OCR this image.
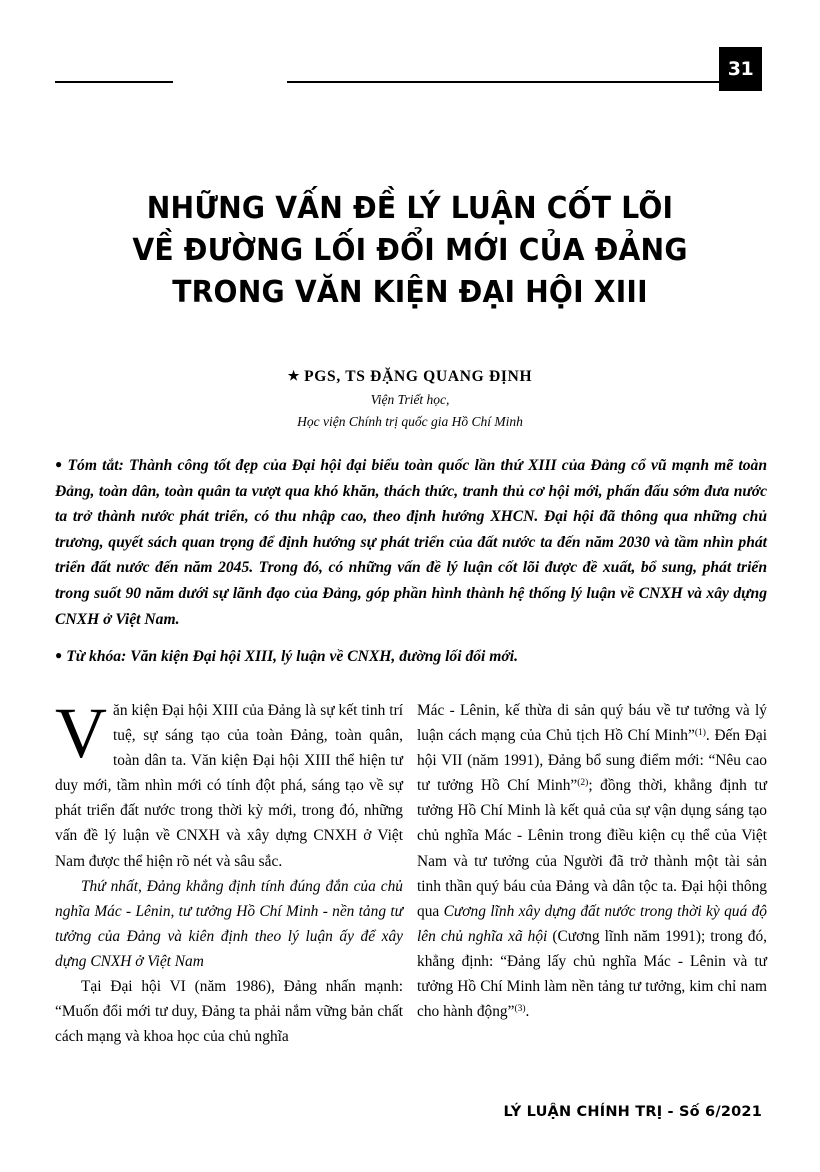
31
NHỮNG VẤN ĐỀ LÝ LUẬN CỐT LÕI
VỀ ĐƯỜNG LỐI ĐỔI MỚI CỦA ĐẢNG
TRONG VĂN KIỆN ĐẠI HỘI XIII
★ PGS, TS ĐẶNG QUANG ĐỊNH
Viện Triết học,
Học viện Chính trị quốc gia Hồ Chí Minh
● Tóm tắt: Thành công tốt đẹp của Đại hội đại biểu toàn quốc lần thứ XIII của Đảng cổ vũ mạnh mẽ toàn Đảng, toàn dân, toàn quân ta vượt qua khó khăn, thách thức, tranh thủ cơ hội mới, phấn đấu sớm đưa nước ta trở thành nước phát triển, có thu nhập cao, theo định hướng XHCN. Đại hội đã thông qua những chủ trương, quyết sách quan trọng để định hướng sự phát triển của đất nước ta đến năm 2030 và tầm nhìn phát triển đất nước đến năm 2045. Trong đó, có những vấn đề lý luận cốt lõi được đề xuất, bổ sung, phát triển trong suốt 90 năm dưới sự lãnh đạo của Đảng, góp phần hình thành hệ thống lý luận về CNXH và xây dựng CNXH ở Việt Nam.
● Từ khóa: Văn kiện Đại hội XIII, lý luận về CNXH, đường lối đổi mới.

Văn kiện Đại hội XIII của Đảng là sự kết tinh trí tuệ, sự sáng tạo của toàn Đảng, toàn quân, toàn dân ta. Văn kiện Đại hội XIII thể hiện tư duy mới, tầm nhìn mới có tính đột phá, sáng tạo về sự phát triển đất nước trong thời kỳ mới, trong đó, những vấn đề lý luận về CNXH và xây dựng CNXH ở Việt Nam được thể hiện rõ nét và sâu sắc.

Thứ nhất, Đảng khẳng định tính đúng đắn của chủ nghĩa Mác - Lênin, tư tưởng Hồ Chí Minh - nền tảng tư tưởng của Đảng và kiên định theo lý luận ấy để xây dựng CNXH ở Việt Nam

Tại Đại hội VI (năm 1986), Đảng nhấn mạnh: “Muốn đổi mới tư duy, Đảng ta phải nắm vững bản chất cách mạng và khoa học của chủ nghĩa

Mác - Lênin, kế thừa di sản quý báu về tư tưởng và lý luận cách mạng của Chủ tịch Hồ Chí Minh”$^{(1)}$. Đến Đại hội VII (năm 1991), Đảng bổ sung điểm mới: “Nêu cao tư tưởng Hồ Chí Minh”$^{(2)}$; đồng thời, khẳng định tư tưởng Hồ Chí Minh là kết quả của sự vận dụng sáng tạo chủ nghĩa Mác - Lênin trong điều kiện cụ thể của Việt Nam và tư tưởng của Người đã trở thành một tài sản tinh thần quý báu của Đảng và dân tộc ta. Đại hội thông qua Cương lĩnh xây dựng đất nước trong thời kỳ quá độ lên chủ nghĩa xã hội (Cương lĩnh năm 1991); trong đó, khẳng định: “Đảng lấy chủ nghĩa Mác - Lênin và tư tưởng Hồ Chí Minh làm nền tảng tư tưởng, kim chỉ nam cho hành động”$^{(3)}$.

LÝ LUẬN CHÍNH TRỊ - Số 6/2021
